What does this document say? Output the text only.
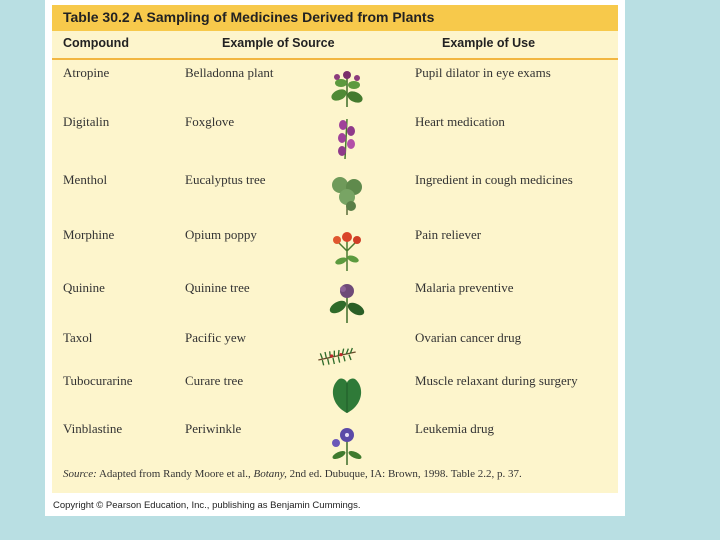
Table 30.2 A Sampling of Medicines Derived from Plants
Compound	Example of Source	Example of Use
Atropine	Belladonna plant	Pupil dilator in eye exams
Digitalin	Foxglove	Heart medication
Menthol	Eucalyptus tree	Ingredient in cough medicines
Morphine	Opium poppy	Pain reliever
Quinine	Quinine tree	Malaria preventive
Taxol	Pacific yew	Ovarian cancer drug
Tubocurarine	Curare tree	Muscle relaxant during surgery
Vinblastine	Periwinkle	Leukemia drug
Source: Adapted from Randy Moore et al., Botany, 2nd ed. Dubuque, IA: Brown, 1998. Table 2.2, p. 37.
Copyright © Pearson Education, Inc., publishing as Benjamin Cummings.
